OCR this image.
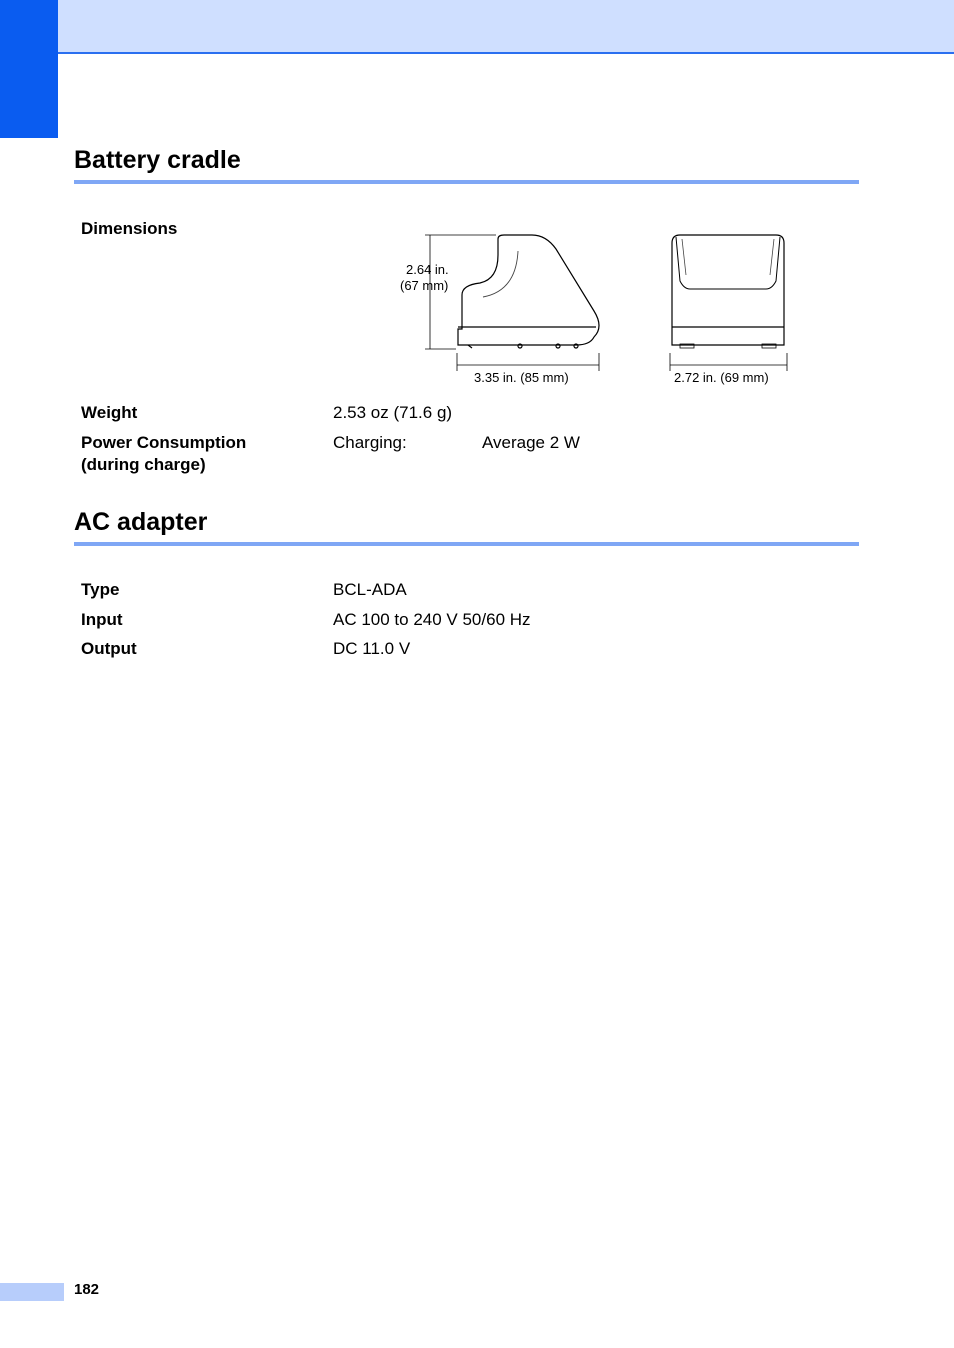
Battery cradle
Dimensions
2.64 in.
(67 mm)
3.35 in. (85 mm)	2.72 in. (69 mm)
Weight	2.53 oz (71.6 g)
Power Consumption
(during charge)
Charging:	Average 2 W
AC adapter
Type	BCL-ADA
Input	AC 100 to 240 V 50/60 Hz
Output	DC 11.0 V
182
